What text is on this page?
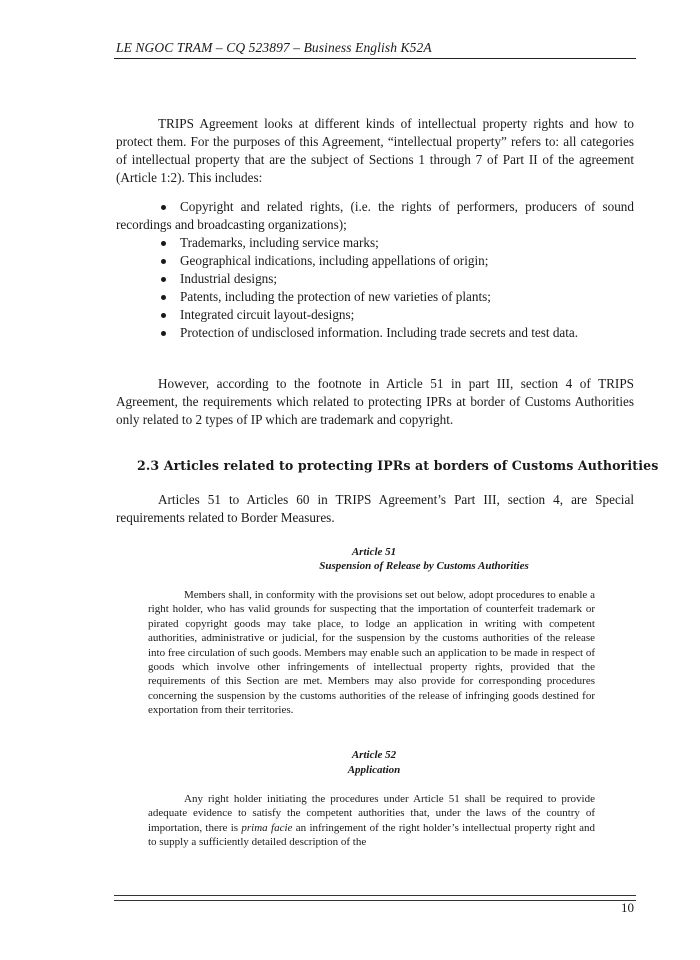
LE NGOC TRAM – CQ 523897 – Business English K52A

TRIPS Agreement looks at different kinds of intellectual property rights and how to protect them. For the purposes of this Agreement, “intellectual property” refers to: all categories of intellectual property that are the subject of Sections 1 through 7 of Part II of the agreement (Article 1:2). This includes:

Copyright and related rights, (i.e. the rights of performers, producers of sound recordings and broadcasting organizations);
Trademarks, including service marks;
Geographical indications, including appellations of origin;
Industrial designs;
Patents, including the protection of new varieties of plants;
Integrated circuit layout-designs;
Protection of undisclosed information. Including trade secrets and test data.

However, according to the footnote in Article 51 in part III, section 4 of TRIPS Agreement, the requirements which related to protecting IPRs at border of Customs Authorities only related to 2 types of IP which are trademark and copyright.

2.3 Articles related to protecting IPRs at borders of Customs Authorities

Articles 51 to Articles 60 in TRIPS Agreement’s Part III, section 4, are Special requirements related to Border Measures.

Article 51
Suspension of Release by Customs Authorities

Members shall, in conformity with the provisions set out below, adopt procedures to enable a right holder, who has valid grounds for suspecting that the importation of counterfeit trademark or pirated copyright goods may take place, to lodge an application in writing with competent authorities, administrative or judicial, for the suspension by the customs authorities of the release into free circulation of such goods. Members may enable such an application to be made in respect of goods which involve other infringements of intellectual property rights, provided that the requirements of this Section are met. Members may also provide for corresponding procedures concerning the suspension by the customs authorities of the release of infringing goods destined for exportation from their territories.

Article 52
Application

Any right holder initiating the procedures under Article 51 shall be required to provide adequate evidence to satisfy the competent authorities that, under the laws of the country of importation, there is prima facie an infringement of the right holder’s intellectual property right and to supply a sufficiently detailed description of the

10
